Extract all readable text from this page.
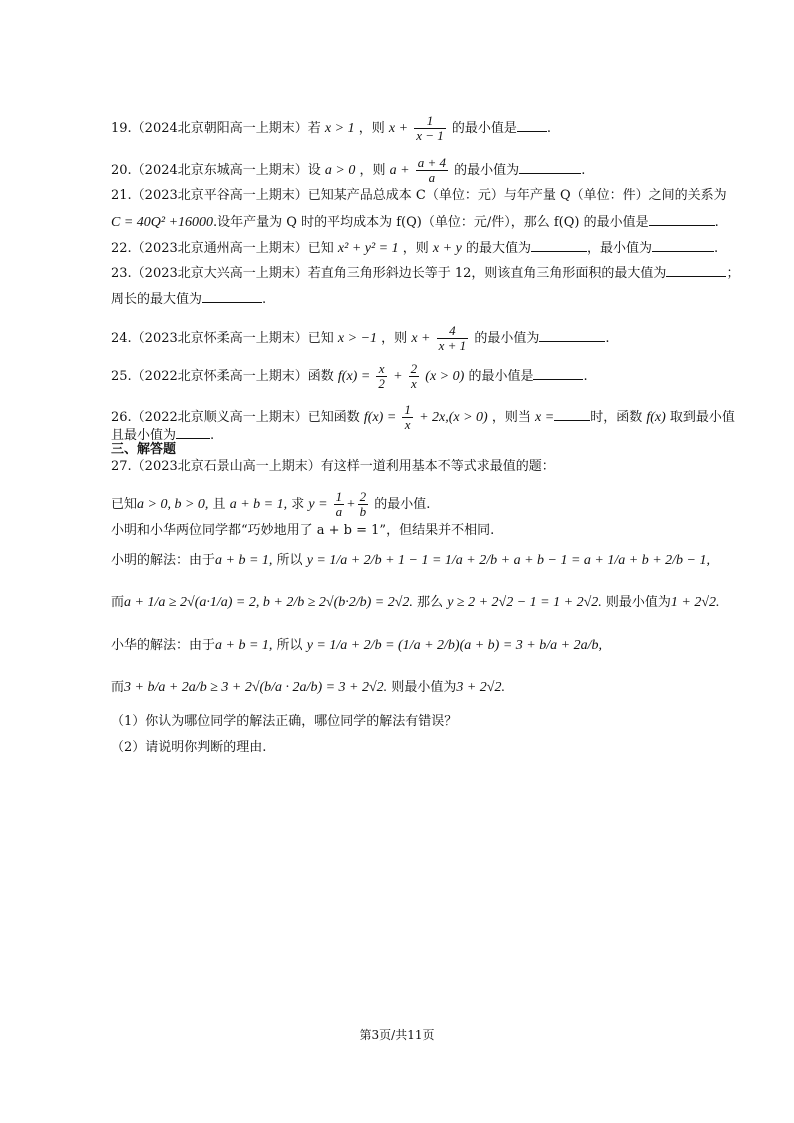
19.（2024北京朝阳高一上期末）若 x > 1 ，则 $x + \frac{1}{x - 1}$ 的最小值是 .
20.（2024北京东城高一上期末）设 a > 0 ，则 $a + \frac{a + 4}{a}$ 的最小值为	.
21.（2023北京平谷高一上期末）已知某产品总成本 C（单位：元）与年产量 Q（单位：件）之间的关系为
C = 40Q² +16000.设年产量为 Q 时的平均成本为 f(Q)（单位：元/件），那么 f(Q) 的最小值是	.
22.（2023北京通州高一上期末）已知 x² + y² = 1 ，则 x + y 的最大值为	，最小值为	.
23.（2023北京大兴高一上期末）若直角三角形斜边长等于 12，则该直角三角形面积的最大值为	；
周长的最大值为	.
24.（2023北京怀柔高一上期末）已知 x > −1 ，则 $x + \frac{4}{x + 1}$ 的最小值为	.
25.（2022北京怀柔高一上期末）函数 $f(x) = \frac{x}{2} + \frac{2}{x} (x > 0)$ 的最小值是	.
26.（2022北京顺义高一上期末）已知函数 $f(x) = \frac{1}{x} + 2x,(x > 0)$ ，则当 x =	时，函数 f(x) 取到最小值
且最小值为	.
三、解答题
27.（2023北京石景山高一上期末）有这样一道利用基本不等式求最值的题：
已知a > 0, b > 0, 且 a + b = 1, 求 $y = \frac{1}{a} + \frac{2}{b}$ 的最小值.
小明和小华两位同学都“巧妙地用了 a + b = 1”，但结果并不相同.
小明的解法：由于a + b = 1, 所以 y = 1/a + 2/b + 1 − 1 = 1/a + 2/b + a + b − 1 = a + 1/a + b + 2/b − 1,
而a + 1/a ≥ 2√(a·1/a) = 2, b + 2/b ≥ 2√(b·2/b) = 2√2. 那么 y ≥ 2 + 2√2 − 1 = 1 + 2√2. 则最小值为1 + 2√2.
小华的解法：由于a + b = 1, 所以 y = 1/a + 2/b = (1/a + 2/b)(a + b) = 3 + b/a + 2a/b,
而3 + b/a + 2a/b ≥ 3 + 2√(b/a · 2a/b) = 3 + 2√2. 则最小值为3 + 2√2.
（1）你认为哪位同学的解法正确，哪位同学的解法有错误？
（2）请说明你判断的理由.
第3页/共11页
